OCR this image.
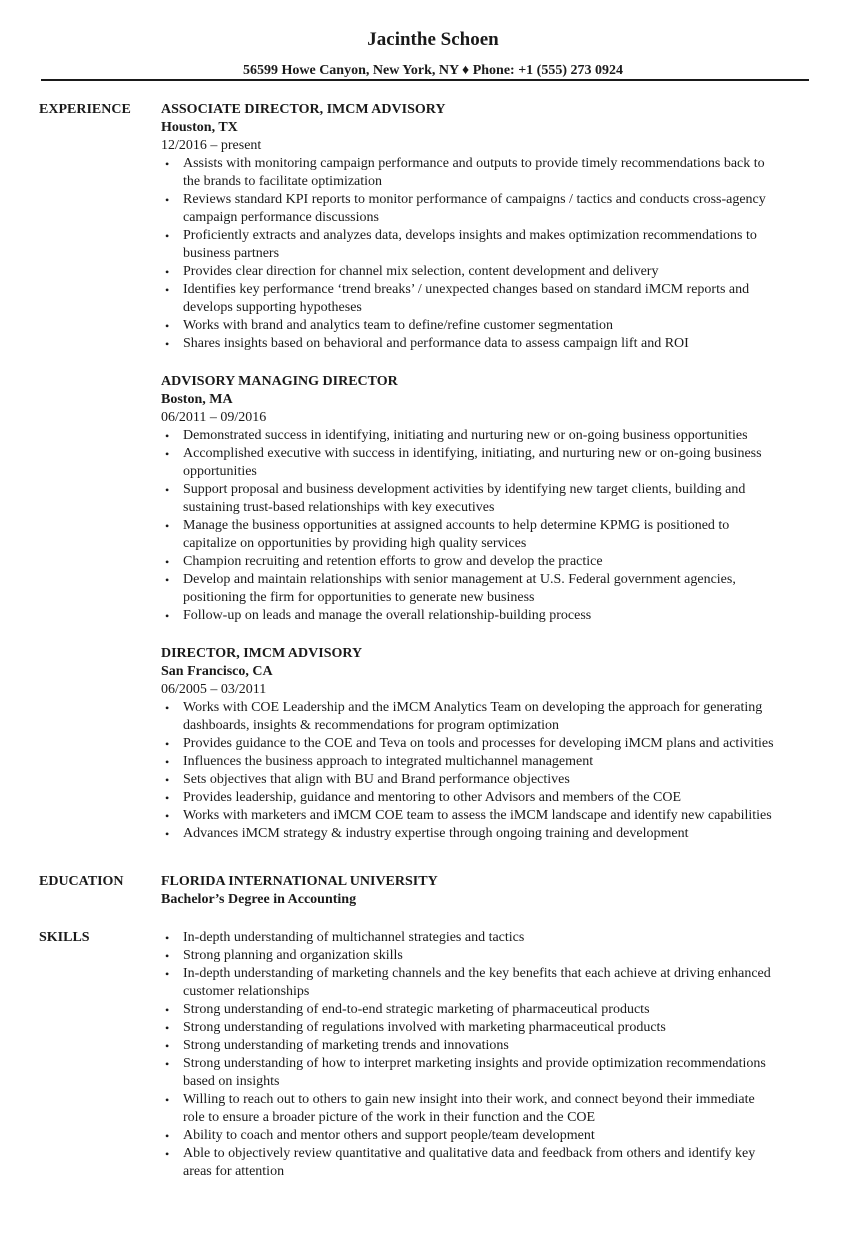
Jacinthe Schoen
56599 Howe Canyon, New York, NY ♦ Phone: +1 (555) 273 0924
EXPERIENCE ASSOCIATE DIRECTOR, IMCM ADVISORY
Houston, TX
12/2016 – present
• Assists with monitoring campaign performance and outputs to provide timely recommendations back to
the brands to facilitate optimization
• Reviews standard KPI reports to monitor performance of campaigns / tactics and conducts cross-agency
campaign performance discussions
• Proficiently extracts and analyzes data, develops insights and makes optimization recommendations to
business partners
• Provides clear direction for channel mix selection, content development and delivery
• Identifies key performance ‘trend breaks’ / unexpected changes based on standard iMCM reports and
develops supporting hypotheses
• Works with brand and analytics team to define/refine customer segmentation
• Shares insights based on behavioral and performance data to assess campaign lift and ROI
ADVISORY MANAGING DIRECTOR
Boston, MA
06/2011 – 09/2016
• Demonstrated success in identifying, initiating and nurturing new or on-going business opportunities
• Accomplished executive with success in identifying, initiating, and nurturing new or on-going business
opportunities
• Support proposal and business development activities by identifying new target clients, building and
sustaining trust-based relationships with key executives
• Manage the business opportunities at assigned accounts to help determine KPMG is positioned to
capitalize on opportunities by providing high quality services
• Champion recruiting and retention efforts to grow and develop the practice
• Develop and maintain relationships with senior management at U.S. Federal government agencies,
positioning the firm for opportunities to generate new business
• Follow-up on leads and manage the overall relationship-building process
DIRECTOR, IMCM ADVISORY
San Francisco, CA
06/2005 – 03/2011
• Works with COE Leadership and the iMCM Analytics Team on developing the approach for generating
dashboards, insights & recommendations for program optimization
• Provides guidance to the COE and Teva on tools and processes for developing iMCM plans and activities
• Influences the business approach to integrated multichannel management
• Sets objectives that align with BU and Brand performance objectives
• Provides leadership, guidance and mentoring to other Advisors and members of the COE
• Works with marketers and iMCM COE team to assess the iMCM landscape and identify new capabilities
• Advances iMCM strategy & industry expertise through ongoing training and development
EDUCATION	FLORIDA INTERNATIONAL UNIVERSITY
Bachelor’s Degree in Accounting
SKILLS	• In-depth understanding of multichannel strategies and tactics
• Strong planning and organization skills
• In-depth understanding of marketing channels and the key benefits that each achieve at driving enhanced
customer relationships
• Strong understanding of end-to-end strategic marketing of pharmaceutical products
• Strong understanding of regulations involved with marketing pharmaceutical products
• Strong understanding of marketing trends and innovations
• Strong understanding of how to interpret marketing insights and provide optimization recommendations
based on insights
• Willing to reach out to others to gain new insight into their work, and connect beyond their immediate
role to ensure a broader picture of the work in their function and the COE
• Ability to coach and mentor others and support people/team development
• Able to objectively review quantitative and qualitative data and feedback from others and identify key
areas for attention
